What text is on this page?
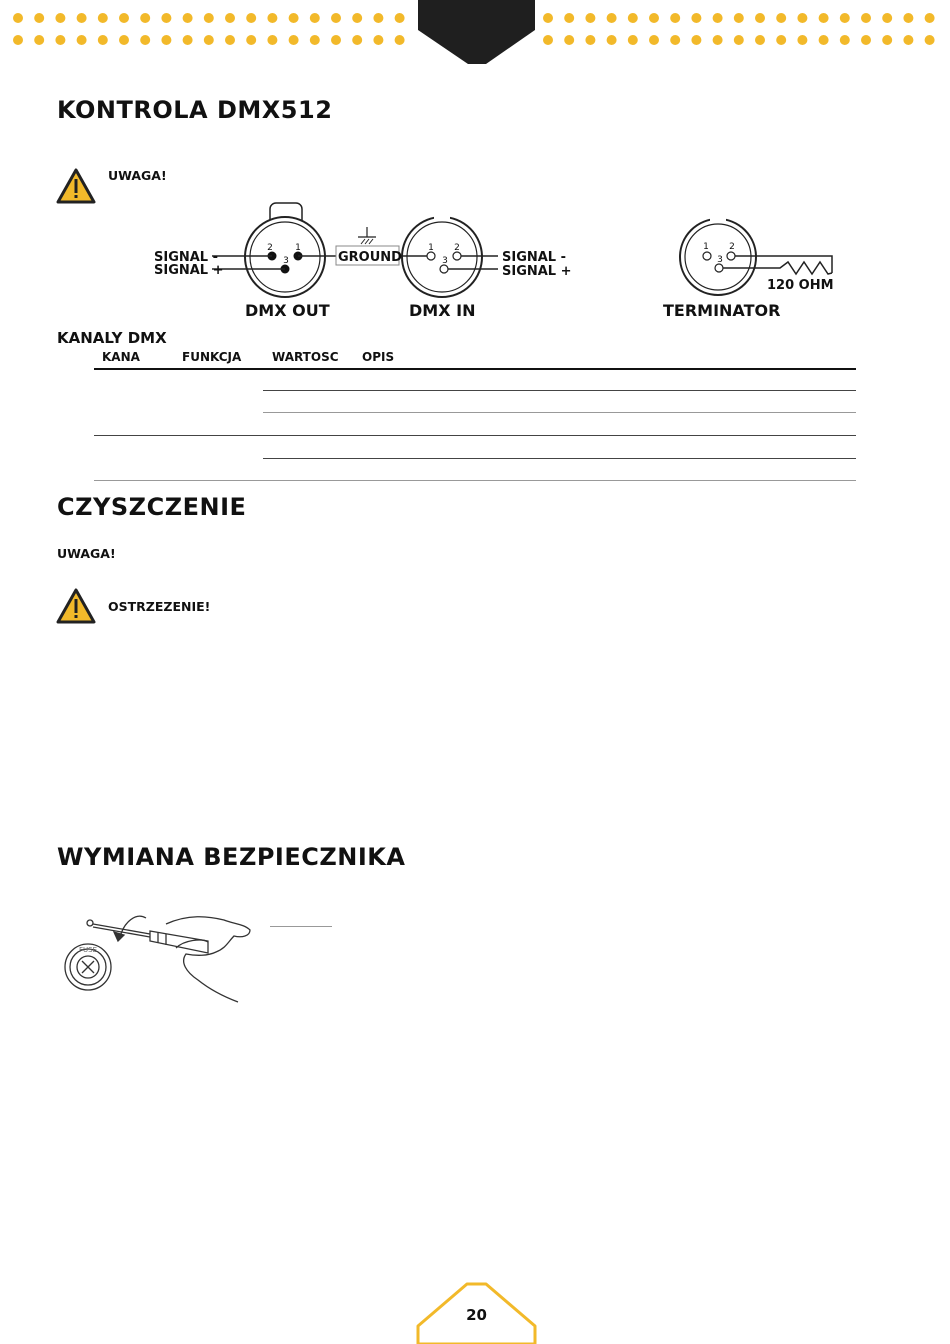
KONTROLA DMX512
UWAGA!
2 1
3
1 2
3
1 2
3
SIGNAL -
SIGNAL +
GROUND	SIGNAL -
SIGNAL +
120 OHM
DMX OUT	DMX IN	TERMINATOR
KANALY DMX
KANA	FUNKCJA	WARTOSC OPIS
CZYSZCZENIE
UWAGA!
OSTRZEZENIE!
WYMIANA BEZPIECZNIKA
FUSE
20
